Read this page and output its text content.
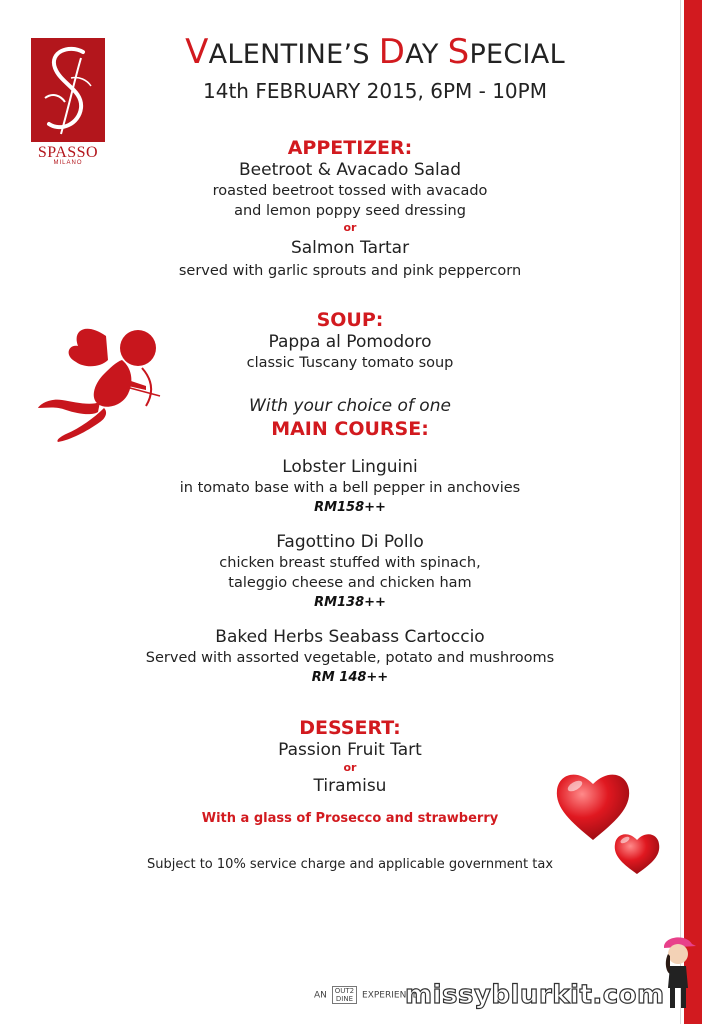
SPASSO
MILANO
VALENTINE’S DAY SPECIAL
14th FEBRUARY 2015, 6PM - 10PM
APPETIZER:
Beetroot & Avacado Salad
roasted beetroot tossed with avacado
and lemon poppy seed dressing
or
Salmon Tartar
served with garlic sprouts and pink peppercorn
SOUP:
Pappa al Pomodoro
classic Tuscany tomato soup
With your choice of one
MAIN COURSE:
Lobster Linguini
in tomato base with a bell pepper in anchovies
RM158++
Fagottino Di Pollo
chicken breast stuffed with spinach,
taleggio cheese and chicken ham
RM138++
Baked Herbs Seabass Cartoccio
Served with assorted vegetable, potato and mushrooms
RM 148++
DESSERT:
Passion Fruit Tart
or
Tiramisu
With a glass of Prosecco and strawberry
Subject to 10% service charge and applicable government tax
AN OUT2
DINE EXPERIENCE
missyblurkit.com
